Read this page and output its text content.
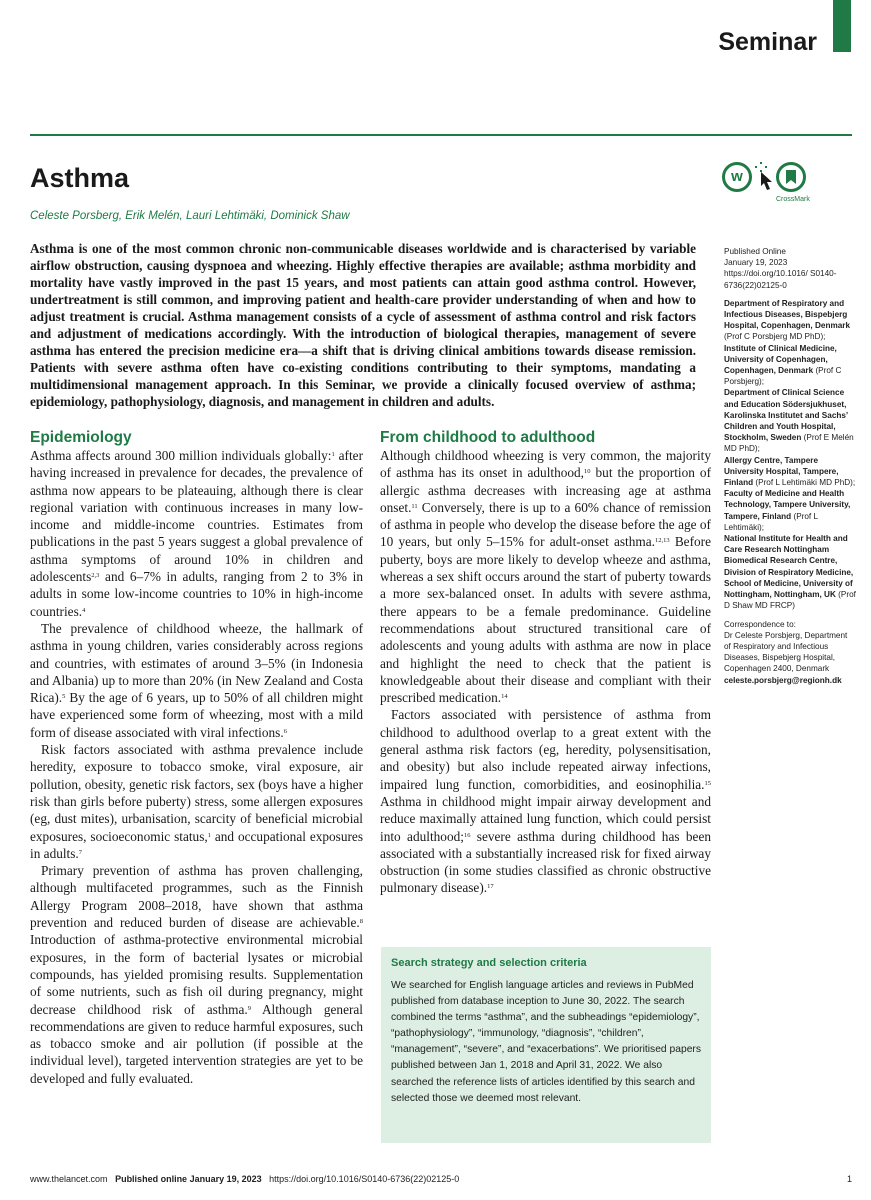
Seminar
Asthma	w
CrossMark
Celeste Porsberg, Erik Melén, Lauri Lehtimäki, Dominick Shaw

Asthma is one of the most common chronic non-communicable diseases worldwide and is characterised by variable airflow obstruction, causing dyspnoea and wheezing. Highly effective therapies are available; asthma morbidity and mortality have vastly improved in the past 15 years, and most patients can attain good asthma control. However, undertreatment is still common, and improving patient and health-care provider understanding of when and how to adjust treatment is crucial. Asthma management consists of a cycle of assessment of asthma control and risk factors and adjustment of medications accordingly. With the introduction of biological therapies, management of severe asthma has entered the precision medicine era—a shift that is driving clinical ambitions towards disease remission. Patients with severe asthma often have co-existing conditions contributing to their symptoms, mandating a multidimensional management approach. In this Seminar, we provide a clinically focused overview of asthma; epidemiology, pathophysiology, diagnosis, and management in children and adults.

Epidemiology

Asthma affects around 300 million individuals globally:$^1$ after having increased in prevalence for decades, the prevalence of asthma now appears to be plateauing, although there is clear regional variation with continuous increases in many low-income and middle-income countries. Estimates from publications in the past 5 years suggest a global prevalence of asthma symptoms of around 10% in children and adolescents$^{2,3}$ and 6–7% in adults, ranging from 2 to 3% in adults in some low-income countries to 10% in high-income countries.$^4$

The prevalence of childhood wheeze, the hallmark of asthma in young children, varies considerably across regions and countries, with estimates of around 3–5% (in Indonesia and Albania) up to more than 20% (in New Zealand and Costa Rica).$^5$ By the age of 6 years, up to 50% of all children might have experienced some form of wheezing, most with a mild form of disease associated with viral infections.$^6$

Risk factors associated with asthma prevalence include heredity, exposure to tobacco smoke, viral exposure, air pollution, obesity, genetic risk factors, sex (boys have a higher risk than girls before puberty) stress, some allergen exposures (eg, dust mites), urbanisation, scarcity of beneficial microbial exposures, socioeconomic status,$^1$ and occupational exposures in adults.$^7$

Primary prevention of asthma has proven challenging, although multifaceted programmes, such as the Finnish Allergy Program 2008–2018, have shown that asthma prevention and reduced burden of disease are achievable.$^8$ Introduction of asthma-protective environmental microbial exposures, in the form of bacterial lysates or microbial compounds, has yielded promising results. Supplementation of some nutrients, such as fish oil during pregnancy, might decrease childhood risk of asthma.$^9$ Although general recommendations are given to reduce harmful exposures, such as tobacco smoke and air pollution (if possible at the individual level), targeted intervention strategies are yet to be developed and fully evaluated.

From childhood to adulthood

Although childhood wheezing is very common, the majority of asthma has its onset in adulthood,$^{10}$ but the proportion of allergic asthma decreases with increasing age at asthma onset.$^{11}$ Conversely, there is up to a 60% chance of remission of asthma in people who develop the disease before the age of 10 years, but only 5–15% for adult-onset asthma.$^{12,13}$ Before puberty, boys are more likely to develop wheeze and asthma, whereas a sex shift occurs around the start of puberty towards a more sex-balanced onset. In adults with severe asthma, there appears to be a female predominance. Guideline recommendations about structured transitional care of adolescents and young adults with asthma are now in place and highlight the need to check that the patient is knowledgeable about their disease and compliant with their prescribed medication.$^{14}$

Factors associated with persistence of asthma from childhood to adulthood overlap to a great extent with the general asthma risk factors (eg, heredity, polysensitisation, and obesity) but also include repeated airway infections, impaired lung function, comorbidities, and eosinophilia.$^{15}$ Asthma in childhood might impair airway development and reduce maximally attained lung function, which could persist into adulthood;$^{16}$ severe asthma during childhood has been associated with a substantially increased risk for fixed airway obstruction (in some studies classified as chronic obstructive pulmonary disease).$^{17}$

Search strategy and selection criteria

We searched for English language articles and reviews in PubMed published from database inception to June 30, 2022. The search combined the terms “asthma”, and the subheadings “epidemiology”, “pathophysiology”, “immunology, “diagnosis”, “children”, “management”, “severe”, and “exacerbations”. We prioritised papers published between Jan 1, 2018 and April 31, 2022. We also searched the reference lists of articles identified by this search and selected those we deemed most relevant.

Published Online

January 19, 2023

https://doi.org/10.1016/ S0140-6736(22)02125-0

Department of Respiratory and Infectious Diseases, Bispebjerg Hospital, Copenhagen, Denmark (Prof C Porsbjerg MD PhD);

Institute of Clinical Medicine, University of Copenhagen, Copenhagen, Denmark (Prof C Porsbjerg);

Department of Clinical Science and Education Södersjukhuset, Karolinska Institutet and Sachs’ Children and Youth Hospital, Stockholm, Sweden (Prof E Melén MD PhD);

Allergy Centre, Tampere University Hospital, Tampere, Finland (Prof L Lehtimäki MD PhD);

Faculty of Medicine and Health Technology, Tampere University, Tampere, Finland (Prof L Lehtimäki);

National Institute for Health and Care Research Nottingham Biomedical Research Centre, Division of Respiratory Medicine, School of Medicine, University of Nottingham, Nottingham, UK (Prof D Shaw MD FRCP)

Correspondence to:

Dr Celeste Porsbjerg, Department of Respiratory and Infectious Diseases, Bispebjerg Hospital, Copenhagen 2400, Denmark

celeste.porsbjerg@regionh.dk

www.thelancet.com Published online January 19, 2023 https://doi.org/10.1016/S0140-6736(22)02125-0	1
